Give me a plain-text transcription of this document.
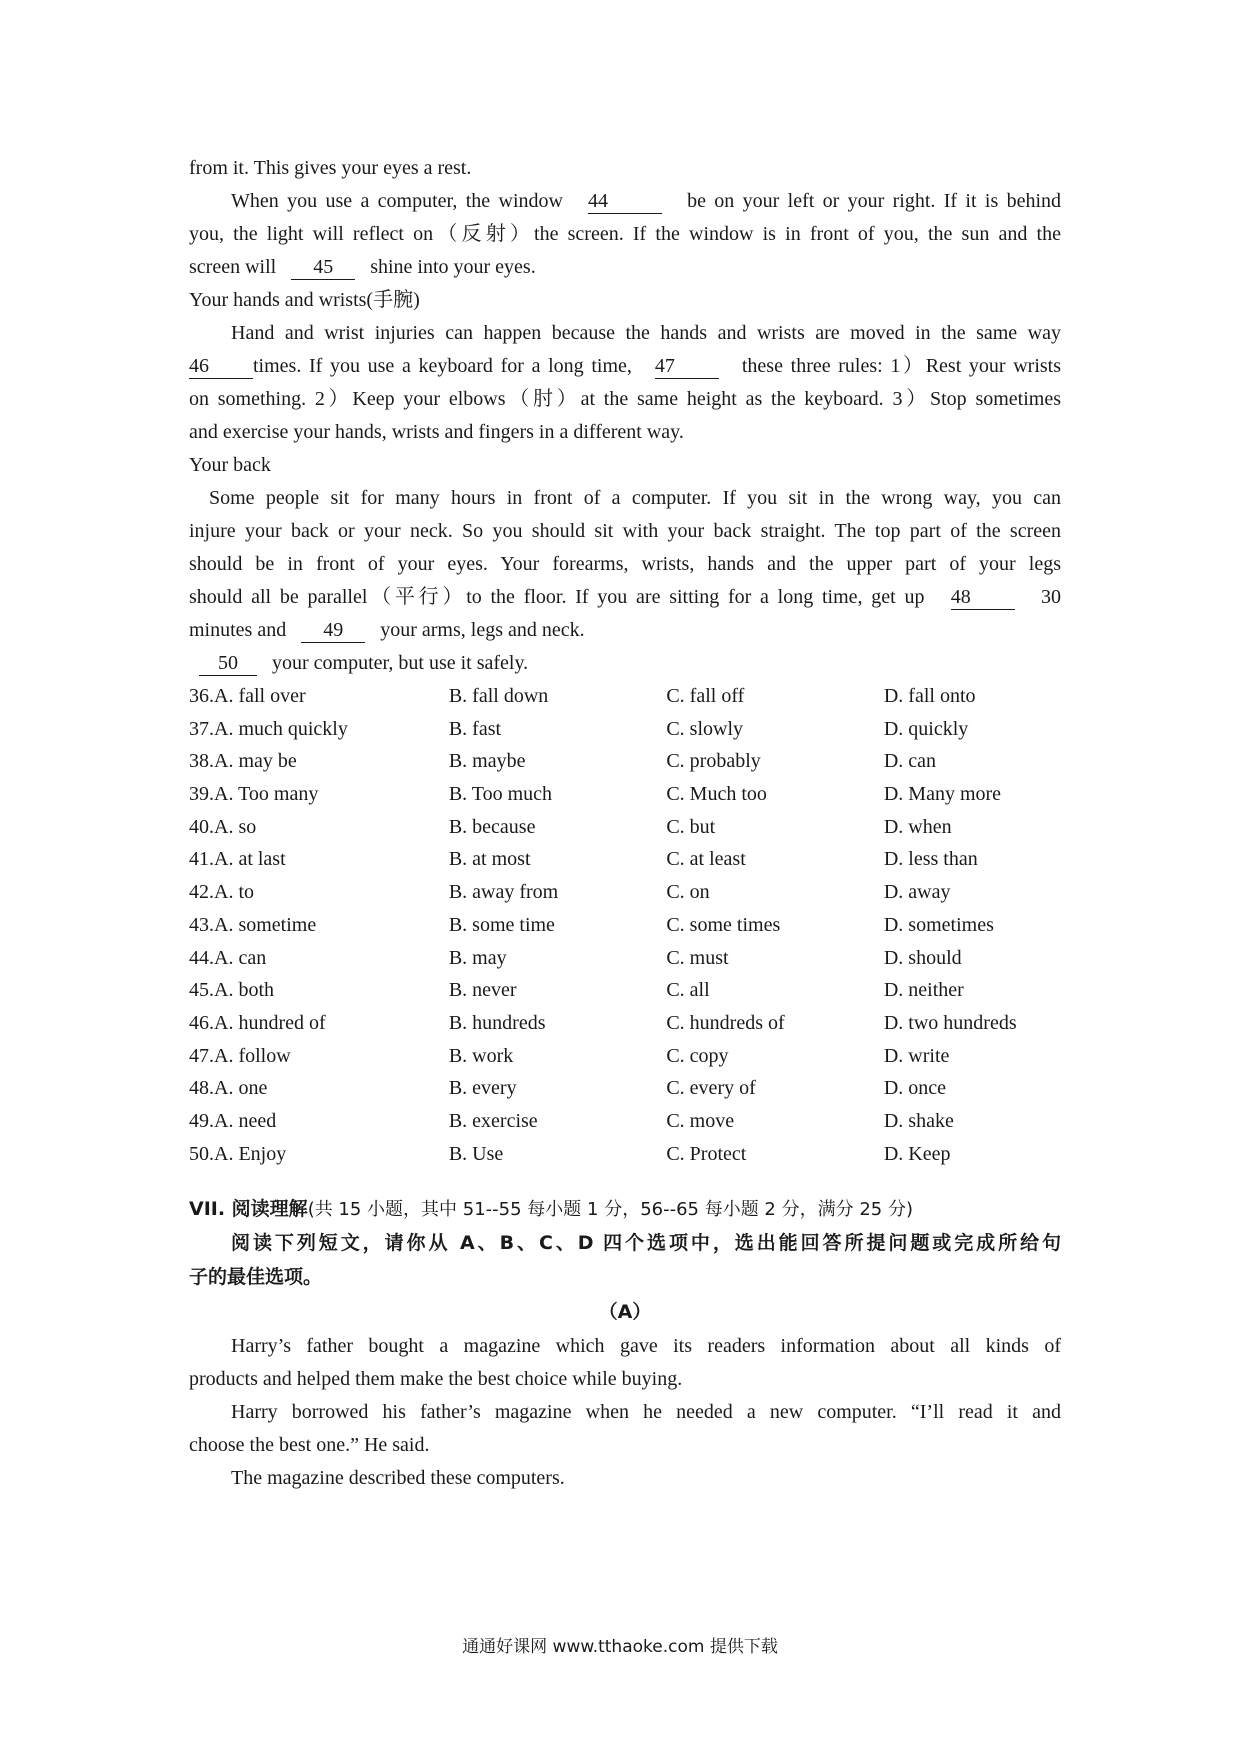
from it. This gives your eyes a rest.
When you use a computer, the window 44	be on your left or your right. If it is behind
you, the light will reflect on（反射）the screen. If the window is in front of you, the sun and the
screen will 45 shine into your eyes.
Your hands and wrists(手腕)
Hand and wrist injuries can happen because the hands and wrists are moved in the same way
46 times. If you use a keyboard for a long time, 47	these three rules: 1）Rest your wrists
on something. 2）Keep your elbows（肘）at the same height as the keyboard. 3）Stop sometimes
and exercise your hands, wrists and fingers in a different way.
Your back
Some people sit for many hours in front of a computer. If you sit in the wrong way, you can
injure your back or your neck. So you should sit with your back straight. The top part of the screen
should be in front of your eyes. Your forearms, wrists, hands and the upper part of your legs
should all be parallel（平行）to the floor. If you are sitting for a long time, get up 48	30
minutes and 49 your arms, legs and neck.
50 your computer, but use it safely.
36.A. fall over	B. fall down	C. fall off	D. fall onto
37.A. much quickly	B. fast	C. slowly	D. quickly
38.A. may be	B. maybe	C. probably	D. can
39.A. Too many	B. Too much	C. Much too	D. Many more
40.A. so	B. because	C. but	D. when
41.A. at last	B. at most	C. at least	D. less than
42.A. to	B. away from	C. on	D. away
43.A. sometime	B. some time	C. some times	D. sometimes
44.A. can	B. may	C. must	D. should
45.A. both	B. never	C. all	D. neither
46.A. hundred of	B. hundreds	C. hundreds of	D. two hundreds
47.A. follow	B. work	C. copy	D. write
48.A. one	B. every	C. every of	D. once
49.A. need	B. exercise	C. move	D. shake
50.A. Enjoy	B. Use	C. Protect	D. Keep
VII. 阅读理解(共 15 小题，其中 51--55 每小题 1 分，56--65 每小题 2 分，满分 25 分)
阅读下列短文，请你从 A、B、C、D 四个选项中，选出能回答所提问题或完成所给句
子的最佳选项。
（A）
Harry’s father bought a magazine which gave its readers information about all kinds of
products and helped them make the best choice while buying.
Harry borrowed his father’s magazine when he needed a new computer. “I’ll read it and
choose the best one.” He said.
The magazine described these computers.
通通好课网 www.tthaoke.com 提供下载
